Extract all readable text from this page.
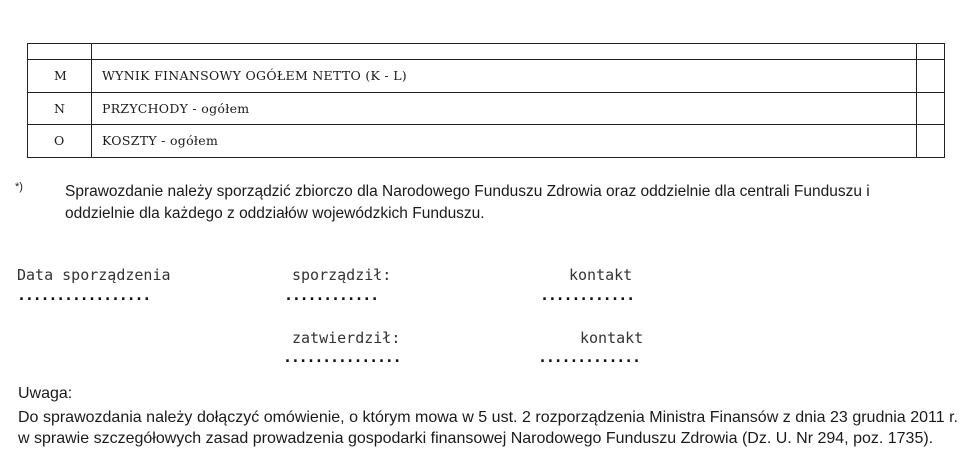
M	WYNIK FINANSOWY OGÓŁEM NETTO (K - L)	
N	PRZYCHODY - ogółem	
O	KOSZTY - ogółem	
*)	Sprawozdanie należy sporządzić zbiorczo dla Narodowego Funduszu Zdrowia oraz oddzielnie dla centrali Funduszu i oddzielnie dla każdego z oddziałów wojewódzkich Funduszu.
Data sporządzenia
.................
sporządził:
............
kontakt
............
zatwierdził:
...............
kontakt
.............
Uwaga:
Do sprawozdania należy dołączyć omówienie, o którym mowa w 5 ust. 2 rozporządzenia Ministra Finansów z dnia 23 grudnia 2011 r. w sprawie szczegółowych zasad prowadzenia gospodarki finansowej Narodowego Funduszu Zdrowia (Dz. U. Nr 294, poz. 1735).
